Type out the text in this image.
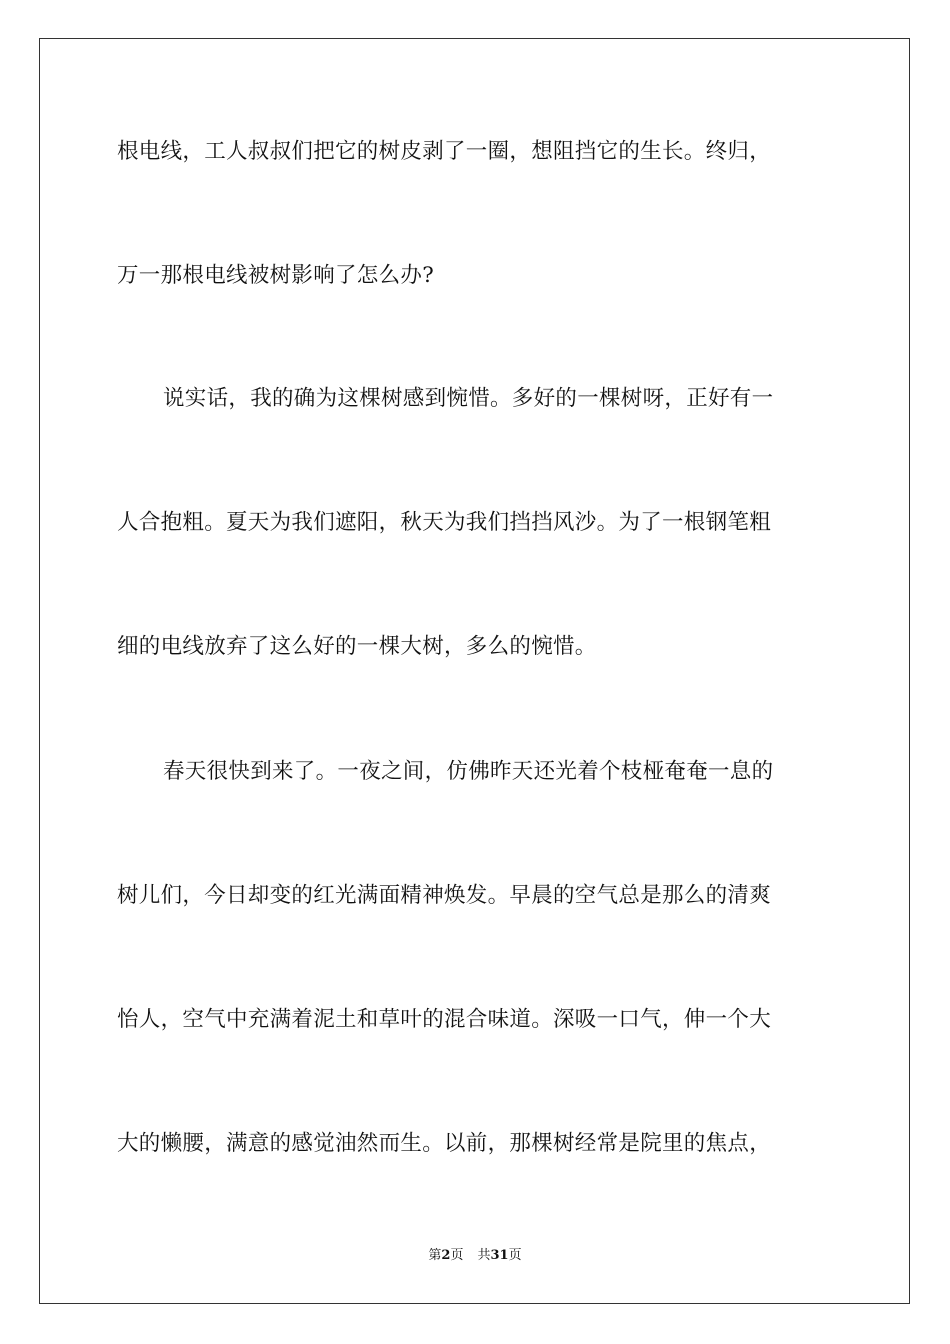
根电线，工人叔叔们把它的树皮剥了一圈，想阻挡它的生长。终归，
万一那根电线被树影响了怎么办?
说实话，我的确为这棵树感到惋惜。多好的一棵树呀，正好有一
人合抱粗。夏天为我们遮阳，秋天为我们挡挡风沙。为了一根钢笔粗
细的电线放弃了这么好的一棵大树，多么的惋惜。
春天很快到来了。一夜之间，仿佛昨天还光着个枝桠奄奄一息的
树儿们，今日却变的红光满面精神焕发。早晨的空气总是那么的清爽
怡人，空气中充满着泥土和草叶的混合味道。深吸一口气，伸一个大
大的懒腰，满意的感觉油然而生。以前，那棵树经常是院里的焦点，
第2页 共31页
